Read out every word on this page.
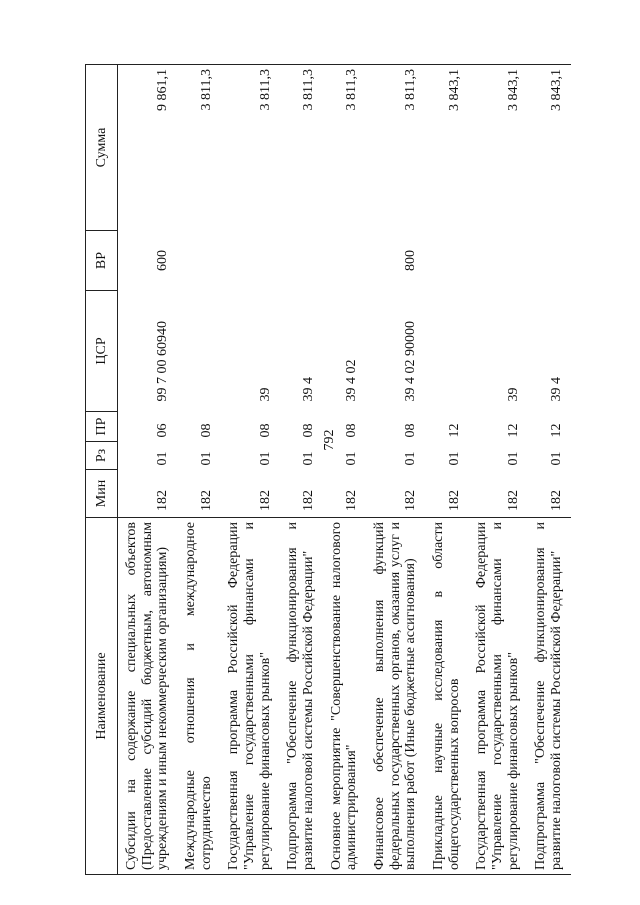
792
Наименование	Мин	Рз	ПР	ЦСР	ВР	Сумма
Субсидии на содержание специальных объектов (Предоставление субсидий бюджетным, автономным учреждениям и иным некоммерческим организациям)	182	01	06	99 7 00 60940	600	9 861,1
Международные отношения и международное сотрудничество	182	01	08			3 811,3
Государственная программа Российской Федерации "Управление государственными финансами и регулирование финансовых рынков"	182	01	08	39		3 811,3
Подпрограмма "Обеспечение функционирования и развитие налоговой системы Российской Федерации"	182	01	08	39 4		3 811,3
Основное мероприятие "Совершенствование налогового администрирования"	182	01	08	39 4 02		3 811,3
Финансовое обеспечение выполнения функций федеральных государственных органов, оказания услуг и выполнения работ (Иные бюджетные ассигнования)	182	01	08	39 4 02 90000	800	3 811,3
Прикладные научные исследования в области общегосударственных вопросов	182	01	12			3 843,1
Государственная программа Российской Федерации "Управление государственными финансами и регулирование финансовых рынков"	182	01	12	39		3 843,1
Подпрограмма "Обеспечение функционирования и развитие налоговой системы Российской Федерации"	182	01	12	39 4		3 843,1
